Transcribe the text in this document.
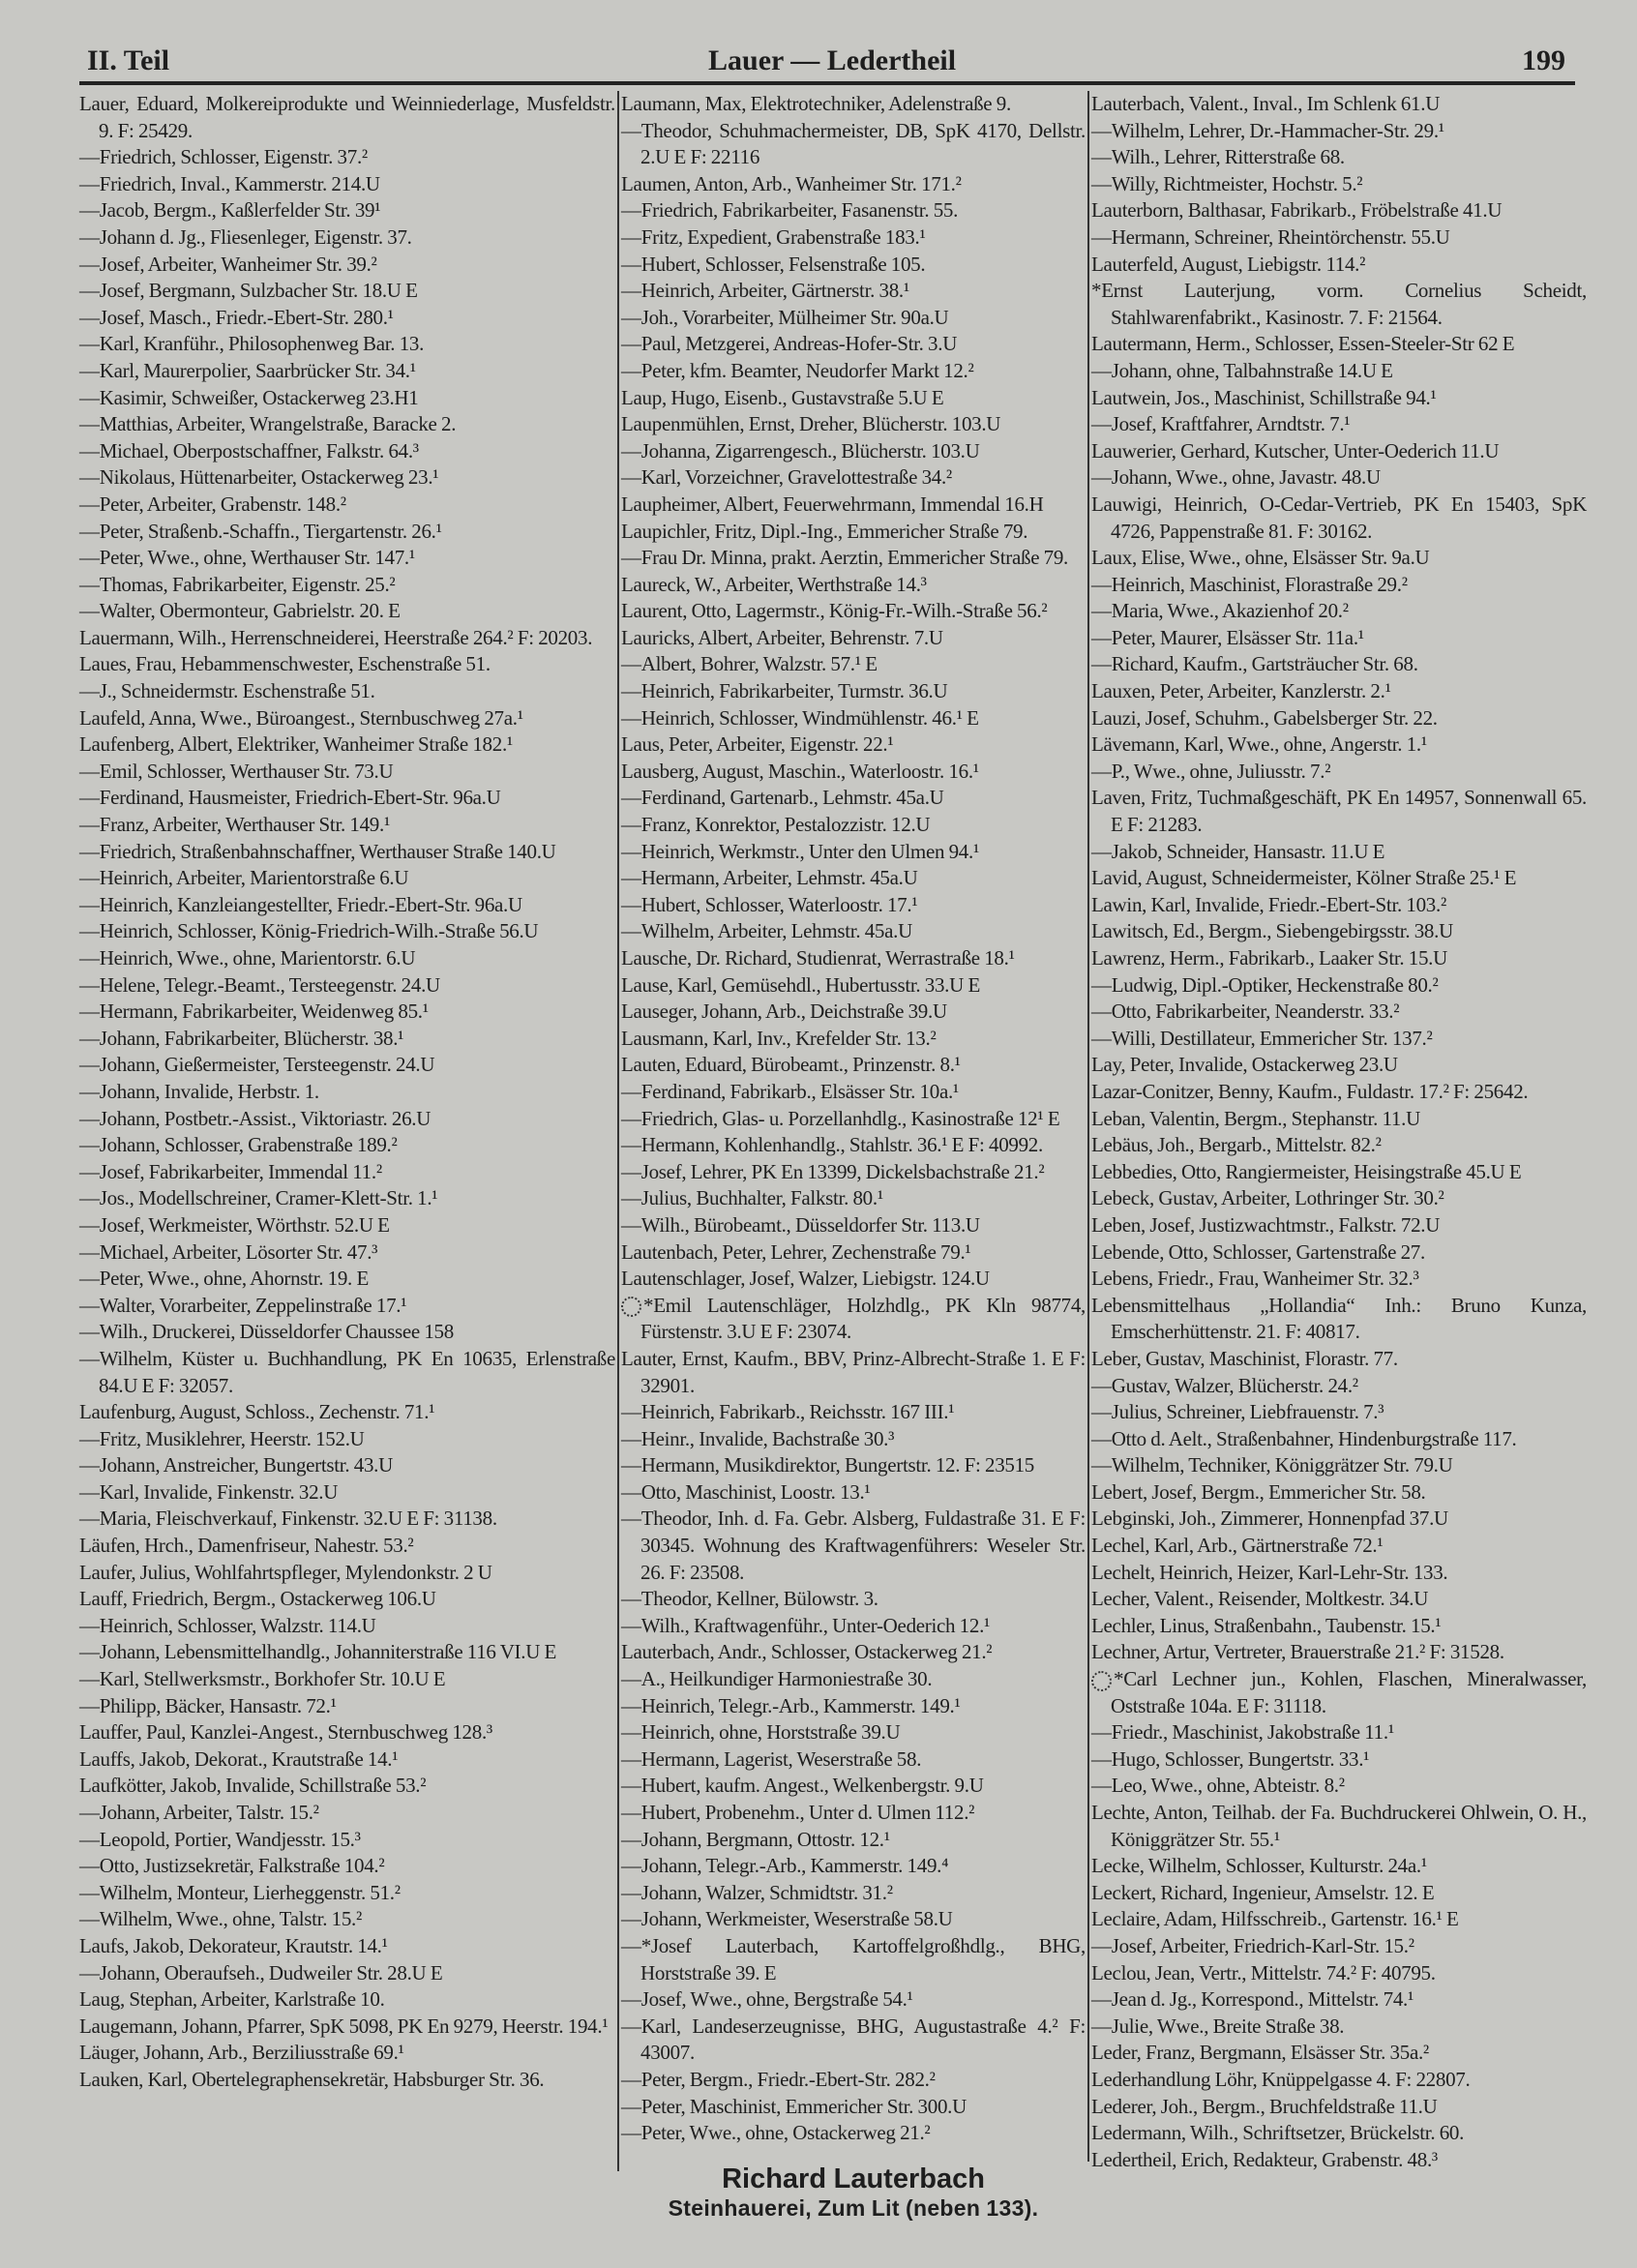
II. Teil	Lauer — Ledertheil	199
Lauer, Eduard, Molkereiprodukte und Weinniederlage, Musfeldstr. 9. F: 25429.
—Friedrich, Schlosser, Eigenstr. 37.²
—Friedrich, Inval., Kammerstr. 214.U
—Jacob, Bergm., Kaßlerfelder Str. 39¹
—Johann d. Jg., Fliesenleger, Eigenstr. 37.
—Josef, Arbeiter, Wanheimer Str. 39.²
—Josef, Bergmann, Sulzbacher Str. 18.U E
—Josef, Masch., Friedr.-Ebert-Str. 280.¹
—Karl, Kranführ., Philosophenweg Bar. 13.
—Karl, Maurerpolier, Saarbrücker Str. 34.¹
—Kasimir, Schweißer, Ostackerweg 23.H1
—Matthias, Arbeiter, Wrangelstraße, Baracke 2.
—Michael, Oberpostschaffner, Falkstr. 64.³
—Nikolaus, Hüttenarbeiter, Ostackerweg 23.¹
—Peter, Arbeiter, Grabenstr. 148.²
—Peter, Straßenb.-Schaffn., Tiergartenstr. 26.¹
—Peter, Wwe., ohne, Werthauser Str. 147.¹
—Thomas, Fabrikarbeiter, Eigenstr. 25.²
—Walter, Obermonteur, Gabrielstr. 20. E
Lauermann, Wilh., Herrenschneiderei, Heerstraße 264.² F: 20203.
Laues, Frau, Hebammenschwester, Eschenstraße 51.
—J., Schneidermstr. Eschenstraße 51.
Laufeld, Anna, Wwe., Büroangest., Sternbuschweg 27a.¹
Laufenberg, Albert, Elektriker, Wanheimer Straße 182.¹
—Emil, Schlosser, Werthauser Str. 73.U
—Ferdinand, Hausmeister, Friedrich-Ebert-Str. 96a.U
—Franz, Arbeiter, Werthauser Str. 149.¹
—Friedrich, Straßenbahnschaffner, Werthauser Straße 140.U
—Heinrich, Arbeiter, Marientorstraße 6.U
—Heinrich, Kanzleiangestellter, Friedr.-Ebert-Str. 96a.U
—Heinrich, Schlosser, König-Friedrich-Wilh.-Straße 56.U
—Heinrich, Wwe., ohne, Marientorstr. 6.U
—Helene, Telegr.-Beamt., Tersteegenstr. 24.U
—Hermann, Fabrikarbeiter, Weidenweg 85.¹
—Johann, Fabrikarbeiter, Blücherstr. 38.¹
—Johann, Gießermeister, Tersteegenstr. 24.U
—Johann, Invalide, Herbstr. 1.
—Johann, Postbetr.-Assist., Viktoriastr. 26.U
—Johann, Schlosser, Grabenstraße 189.²
—Josef, Fabrikarbeiter, Immendal 11.²
—Jos., Modellschreiner, Cramer-Klett-Str. 1.¹
—Josef, Werkmeister, Wörthstr. 52.U E
—Michael, Arbeiter, Lösorter Str. 47.³
—Peter, Wwe., ohne, Ahornstr. 19. E
—Walter, Vorarbeiter, Zeppelinstraße 17.¹
—Wilh., Druckerei, Düsseldorfer Chaussee 158
—Wilhelm, Küster u. Buchhandlung, PK En 10635, Erlenstraße 84.U E F: 32057.
Laufenburg, August, Schloss., Zechenstr. 71.¹
—Fritz, Musiklehrer, Heerstr. 152.U
—Johann, Anstreicher, Bungertstr. 43.U
—Karl, Invalide, Finkenstr. 32.U
—Maria, Fleischverkauf, Finkenstr. 32.U E F: 31138.
Läufen, Hrch., Damenfriseur, Nahestr. 53.²
Laufer, Julius, Wohlfahrtspfleger, Mylendonkstr. 2 U
Lauff, Friedrich, Bergm., Ostackerweg 106.U
—Heinrich, Schlosser, Walzstr. 114.U
—Johann, Lebensmittelhandlg., Johanniterstraße 116 VI.U E
—Karl, Stellwerksmstr., Borkhofer Str. 10.U E
—Philipp, Bäcker, Hansastr. 72.¹
Lauffer, Paul, Kanzlei-Angest., Sternbuschweg 128.³
Lauffs, Jakob, Dekorat., Krautstraße 14.¹
Laufkötter, Jakob, Invalide, Schillstraße 53.²
—Johann, Arbeiter, Talstr. 15.²
—Leopold, Portier, Wandjesstr. 15.³
—Otto, Justizsekretär, Falkstraße 104.²
—Wilhelm, Monteur, Lierheggenstr. 51.²
—Wilhelm, Wwe., ohne, Talstr. 15.²
Laufs, Jakob, Dekorateur, Krautstr. 14.¹
—Johann, Oberaufseh., Dudweiler Str. 28.U E
Laug, Stephan, Arbeiter, Karlstraße 10.
Laugemann, Johann, Pfarrer, SpK 5098, PK En 9279, Heerstr. 194.¹
Läuger, Johann, Arb., Berziliusstraße 69.¹
Lauken, Karl, Obertelegraphensekretär, Habsburger Str. 36.
Laumann, Max, Elektrotechniker, Adelenstraße 9.
—Theodor, Schuhmachermeister, DB, SpK 4170, Dellstr. 2.U E F: 22116
Laumen, Anton, Arb., Wanheimer Str. 171.²
—Friedrich, Fabrikarbeiter, Fasanenstr. 55.
—Fritz, Expedient, Grabenstraße 183.¹
—Hubert, Schlosser, Felsenstraße 105.
—Heinrich, Arbeiter, Gärtnerstr. 38.¹
—Joh., Vorarbeiter, Mülheimer Str. 90a.U
—Paul, Metzgerei, Andreas-Hofer-Str. 3.U
—Peter, kfm. Beamter, Neudorfer Markt 12.²
Laup, Hugo, Eisenb., Gustavstraße 5.U E
Laupenmühlen, Ernst, Dreher, Blücherstr. 103.U
—Johanna, Zigarrengesch., Blücherstr. 103.U
—Karl, Vorzeichner, Gravelottestraße 34.²
Laupheimer, Albert, Feuerwehrmann, Immendal 16.H
Laupichler, Fritz, Dipl.-Ing., Emmericher Straße 79.
—Frau Dr. Minna, prakt. Aerztin, Emmericher Straße 79.
Laureck, W., Arbeiter, Werthstraße 14.³
Laurent, Otto, Lagermstr., König-Fr.-Wilh.-Straße 56.²
Lauricks, Albert, Arbeiter, Behrenstr. 7.U
—Albert, Bohrer, Walzstr. 57.¹ E
—Heinrich, Fabrikarbeiter, Turmstr. 36.U
—Heinrich, Schlosser, Windmühlenstr. 46.¹ E
Laus, Peter, Arbeiter, Eigenstr. 22.¹
Lausberg, August, Maschin., Waterloostr. 16.¹
—Ferdinand, Gartenarb., Lehmstr. 45a.U
—Franz, Konrektor, Pestalozzistr. 12.U
—Heinrich, Werkmstr., Unter den Ulmen 94.¹
—Hermann, Arbeiter, Lehmstr. 45a.U
—Hubert, Schlosser, Waterloostr. 17.¹
—Wilhelm, Arbeiter, Lehmstr. 45a.U
Lausche, Dr. Richard, Studienrat, Werrastraße 18.¹
Lause, Karl, Gemüsehdl., Hubertusstr. 33.U E
Lauseger, Johann, Arb., Deichstraße 39.U
Lausmann, Karl, Inv., Krefelder Str. 13.²
Lauten, Eduard, Bürobeamt., Prinzenstr. 8.¹
—Ferdinand, Fabrikarb., Elsässer Str. 10a.¹
—Friedrich, Glas- u. Porzellanhdlg., Kasinostraße 12¹ E
—Hermann, Kohlenhandlg., Stahlstr. 36.¹ E F: 40992.
—Josef, Lehrer, PK En 13399, Dickelsbachstraße 21.²
—Julius, Buchhalter, Falkstr. 80.¹
—Wilh., Bürobeamt., Düsseldorfer Str. 113.U
Lautenbach, Peter, Lehrer, Zechenstraße 79.¹
Lautenschlager, Josef, Walzer, Liebigstr. 124.U
*Emil Lautenschläger, Holzhdlg., PK Kln 98774, Fürstenstr. 3.U E F: 23074.
Lauter, Ernst, Kaufm., BBV, Prinz-Albrecht-Straße 1. E F: 32901.
—Heinrich, Fabrikarb., Reichsstr. 167 III.¹
—Heinr., Invalide, Bachstraße 30.³
—Hermann, Musikdirektor, Bungertstr. 12. F: 23515
—Otto, Maschinist, Loostr. 13.¹
—Theodor, Inh. d. Fa. Gebr. Alsberg, Fuldastraße 31. E F: 30345. Wohnung des Kraftwagenführers: Weseler Str. 26. F: 23508.
—Theodor, Kellner, Bülowstr. 3.
—Wilh., Kraftwagenführ., Unter-Oederich 12.¹
Lauterbach, Andr., Schlosser, Ostackerweg 21.²
—A., Heilkundiger Harmoniestraße 30.
—Heinrich, Telegr.-Arb., Kammerstr. 149.¹
—Heinrich, ohne, Horststraße 39.U
—Hermann, Lagerist, Weserstraße 58.
—Hubert, kaufm. Angest., Welkenbergstr. 9.U
—Hubert, Probenehm., Unter d. Ulmen 112.²
—Johann, Bergmann, Ottostr. 12.¹
—Johann, Telegr.-Arb., Kammerstr. 149.⁴
—Johann, Walzer, Schmidtstr. 31.²
—Johann, Werkmeister, Weserstraße 58.U
—*Josef Lauterbach, Kartoffelgroßhdlg., BHG, Horststraße 39. E
—Josef, Wwe., ohne, Bergstraße 54.¹
—Karl, Landeserzeugnisse, BHG, Augustastraße 4.² F: 43007.
—Peter, Bergm., Friedr.-Ebert-Str. 282.²
—Peter, Maschinist, Emmericher Str. 300.U
—Peter, Wwe., ohne, Ostackerweg 21.²
Richard Lauterbach
Steinhauerei, Zum Lit (neben 133).
Lauterbach, Valent., Inval., Im Schlenk 61.U
—Wilhelm, Lehrer, Dr.-Hammacher-Str. 29.¹
—Wilh., Lehrer, Ritterstraße 68.
—Willy, Richtmeister, Hochstr. 5.²
Lauterborn, Balthasar, Fabrikarb., Fröbelstraße 41.U
—Hermann, Schreiner, Rheintörchenstr. 55.U
Lauterfeld, August, Liebigstr. 114.²
*Ernst Lauterjung, vorm. Cornelius Scheidt, Stahlwarenfabrikt., Kasinostr. 7. F: 21564.
Lautermann, Herm., Schlosser, Essen-Steeler-Str 62 E
—Johann, ohne, Talbahnstraße 14.U E
Lautwein, Jos., Maschinist, Schillstraße 94.¹
—Josef, Kraftfahrer, Arndtstr. 7.¹
Lauwerier, Gerhard, Kutscher, Unter-Oederich 11.U
—Johann, Wwe., ohne, Javastr. 48.U
Lauwigi, Heinrich, O-Cedar-Vertrieb, PK En 15403, SpK 4726, Pappenstraße 81. F: 30162.
Laux, Elise, Wwe., ohne, Elsässer Str. 9a.U
—Heinrich, Maschinist, Florastraße 29.²
—Maria, Wwe., Akazienhof 20.²
—Peter, Maurer, Elsässer Str. 11a.¹
—Richard, Kaufm., Gartsträucher Str. 68.
Lauxen, Peter, Arbeiter, Kanzlerstr. 2.¹
Lauzi, Josef, Schuhm., Gabelsberger Str. 22.
Lävemann, Karl, Wwe., ohne, Angerstr. 1.¹
—P., Wwe., ohne, Juliusstr. 7.²
Laven, Fritz, Tuchmaßgeschäft, PK En 14957, Sonnenwall 65. E F: 21283.
—Jakob, Schneider, Hansastr. 11.U E
Lavid, August, Schneidermeister, Kölner Straße 25.¹ E
Lawin, Karl, Invalide, Friedr.-Ebert-Str. 103.²
Lawitsch, Ed., Bergm., Siebengebirgsstr. 38.U
Lawrenz, Herm., Fabrikarb., Laaker Str. 15.U
—Ludwig, Dipl.-Optiker, Heckenstraße 80.²
—Otto, Fabrikarbeiter, Neanderstr. 33.²
—Willi, Destillateur, Emmericher Str. 137.²
Lay, Peter, Invalide, Ostackerweg 23.U
Lazar-Conitzer, Benny, Kaufm., Fuldastr. 17.² F: 25642.
Leban, Valentin, Bergm., Stephanstr. 11.U
Lebäus, Joh., Bergarb., Mittelstr. 82.²
Lebbedies, Otto, Rangiermeister, Heisingstraße 45.U E
Lebeck, Gustav, Arbeiter, Lothringer Str. 30.²
Leben, Josef, Justizwachtmstr., Falkstr. 72.U
Lebende, Otto, Schlosser, Gartenstraße 27.
Lebens, Friedr., Frau, Wanheimer Str. 32.³
Lebensmittelhaus „Hollandia“ Inh.: Bruno Kunza, Emscherhüttenstr. 21. F: 40817.
Leber, Gustav, Maschinist, Florastr. 77.
—Gustav, Walzer, Blücherstr. 24.²
—Julius, Schreiner, Liebfrauenstr. 7.³
—Otto d. Aelt., Straßenbahner, Hindenburgstraße 117.
—Wilhelm, Techniker, Königgrätzer Str. 79.U
Lebert, Josef, Bergm., Emmericher Str. 58.
Lebginski, Joh., Zimmerer, Honnenpfad 37.U
Lechel, Karl, Arb., Gärtnerstraße 72.¹
Lechelt, Heinrich, Heizer, Karl-Lehr-Str. 133.
Lecher, Valent., Reisender, Moltkestr. 34.U
Lechler, Linus, Straßenbahn., Taubenstr. 15.¹
Lechner, Artur, Vertreter, Brauerstraße 21.² F: 31528.
*Carl Lechner jun., Kohlen, Flaschen, Mineralwasser, Oststraße 104a. E F: 31118.
—Friedr., Maschinist, Jakobstraße 11.¹
—Hugo, Schlosser, Bungertstr. 33.¹
—Leo, Wwe., ohne, Abteistr. 8.²
Lechte, Anton, Teilhab. der Fa. Buchdruckerei Ohlwein, O. H., Königgrätzer Str. 55.¹
Lecke, Wilhelm, Schlosser, Kulturstr. 24a.¹
Leckert, Richard, Ingenieur, Amselstr. 12. E
Leclaire, Adam, Hilfsschreib., Gartenstr. 16.¹ E
—Josef, Arbeiter, Friedrich-Karl-Str. 15.²
Leclou, Jean, Vertr., Mittelstr. 74.² F: 40795.
—Jean d. Jg., Korrespond., Mittelstr. 74.¹
—Julie, Wwe., Breite Straße 38.
Leder, Franz, Bergmann, Elsässer Str. 35a.²
Lederhandlung Löhr, Knüppelgasse 4. F: 22807.
Lederer, Joh., Bergm., Bruchfeldstraße 11.U
Ledermann, Wilh., Schriftsetzer, Brückelstr. 60.
Ledertheil, Erich, Redakteur, Grabenstr. 48.³
